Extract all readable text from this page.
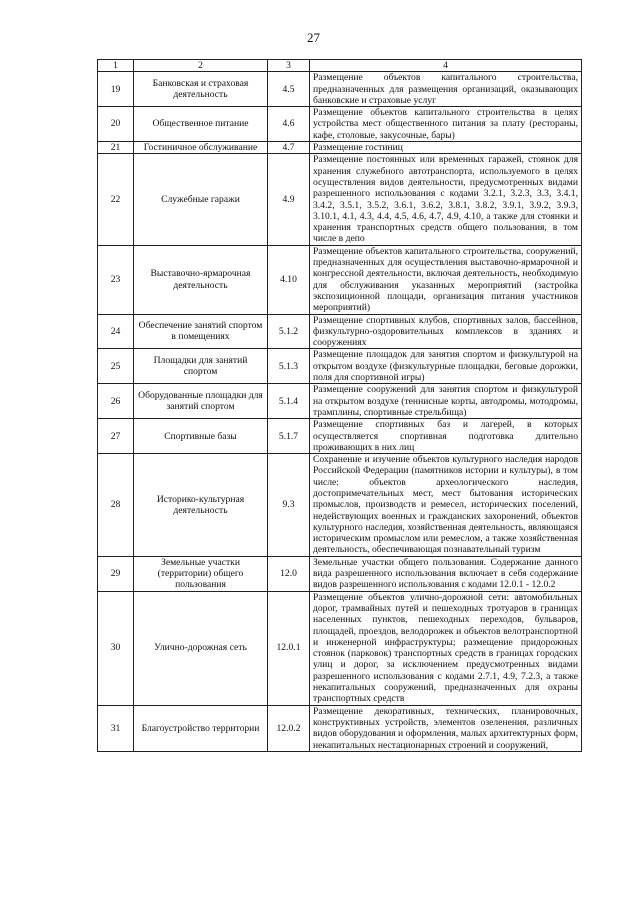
27
1	2	3	4
19	Банковская и страховая деятельность	4.5	Размещение объектов капитального строительства, предназначенных для размещения организаций, оказывающих банковские и страховые услуг
20	Общественное питание	4.6	Размещение объектов капитального строительства в целях устройства мест общественного питания за плату (рестораны, кафе, столовые, закусочные, бары)
21	Гостиничное обслуживание	4.7	Размещение гостиниц
22	Служебные гаражи	4.9	Размещение постоянных или временных гаражей, стоянок для хранения служебного автотранспорта, используемого в целях осуществления видов деятельности, предусмотренных видами разрешенного использования с кодами 3.2.1, 3.2.3, 3.3, 3.4.1, 3.4.2, 3.5.1, 3.5.2, 3.6.1, 3.6.2, 3.8.1, 3.8.2, 3.9.1, 3.9.2, 3.9.3, 3.10.1, 4.1, 4.3, 4.4, 4.5, 4.6, 4.7, 4.9, 4.10, а также для стоянки и хранения транспортных средств общего пользования, в том числе в депо
23	Выставочно-ярмарочная деятельность	4.10	Размещение объектов капитального строительства, сооружений, предназначенных для осуществления выставочно-ярмарочной и конгрессной деятельности, включая деятельность, необходимую для обслуживания указанных мероприятий (застройка экспозиционной площади, организация питания участников мероприятий)
24	Обеспечение занятий спортом в помещениях	5.1.2	Размещение спортивных клубов, спортивных залов, бассейнов, физкультурно-оздоровительных комплексов в зданиях и сооружениях
25	Площадки для занятий спортом	5.1.3	Размещение площадок для занятия спортом и физкультурой на открытом воздухе (физкультурные площадки, беговые дорожки, поля для спортивной игры)
26	Оборудованные площадки для занятий спортом	5.1.4	Размещение сооружений для занятия спортом и физкультурой на открытом воздухе (теннисные корты, автодромы, мотодромы, трамплины, спортивные стрельбища)
27	Спортивные базы	5.1.7	Размещение спортивных баз и лагерей, в которых осуществляется спортивная подготовка длительно проживающих в них лиц
28	Историко-культурная деятельность	9.3	Сохранение и изучение объектов культурного наследия народов Российской Федерации (памятников истории и культуры), в том числе: объектов археологического наследия, достопримечательных мест, мест бытования исторических промыслов, производств и ремесел, исторических поселений, недействующих военных и гражданских захоронений, объектов культурного наследия, хозяйственная деятельность, являющаяся историческим промыслом или ремеслом, а также хозяйственная деятельность, обеспечивающая познавательный туризм
29	Земельные участки (территории) общего пользования	12.0	Земельные участки общего пользования. Содержание данного вида разрешенного использования включает в себя содержание видов разрешенного использования с кодами 12.0.1 - 12.0.2
30	Улично-дорожная сеть	12.0.1	Размещение объектов улично-дорожной сети: автомобильных дорог, трамвайных путей и пешеходных тротуаров в границах населенных пунктов, пешеходных переходов, бульваров, площадей, проездов, велодорожек и объектов велотранспортной и инженерной инфраструктуры; размещение придорожных стоянок (парковок) транспортных средств в границах городских улиц и дорог, за исключением предусмотренных видами разрешенного использования с кодами 2.7.1, 4.9, 7.2.3, а также некапитальных сооружений, предназначенных для охраны транспортных средств
31	Благоустройство территории	12.0.2	Размещение декоративных, технических, планировочных, конструктивных устройств, элементов озеленения, различных видов оборудования и оформления, малых архитектурных форм, некапитальных нестационарных строений и сооружений,
